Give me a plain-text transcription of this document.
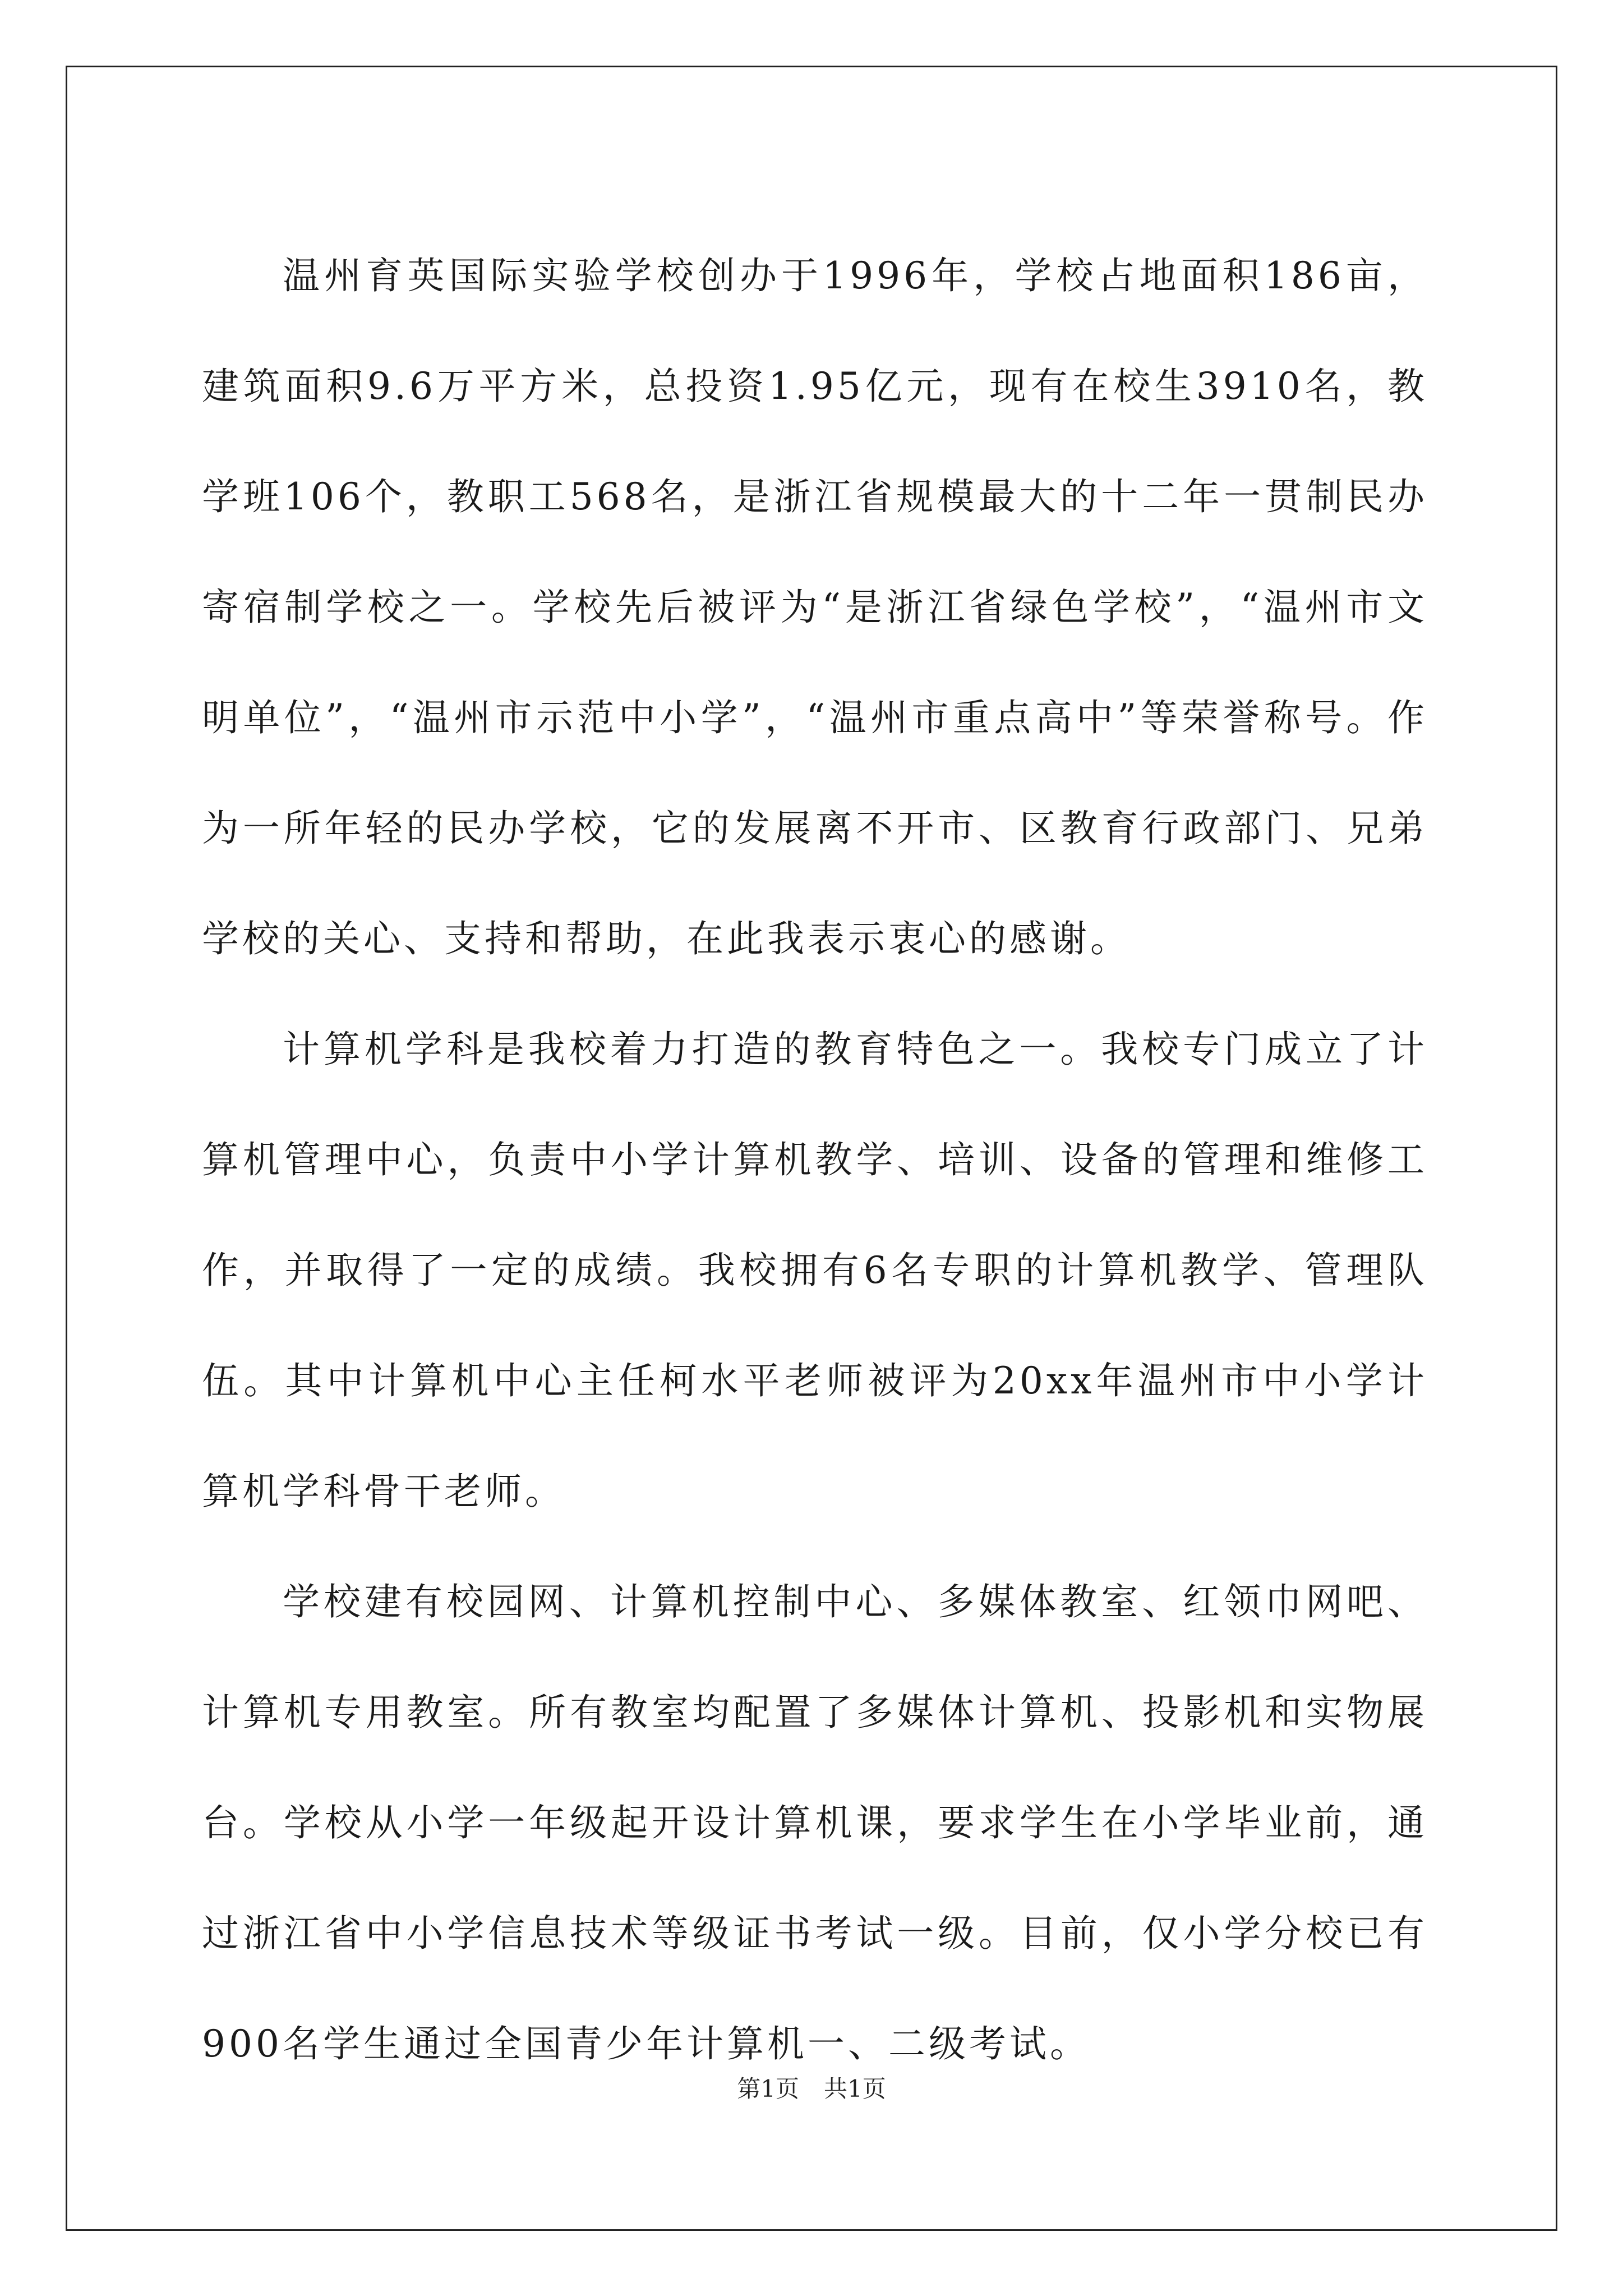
温州育英国际实验学校创办于1996年，学校占地面积186亩，建筑面积9.6万平方米，总投资1.95亿元，现有在校生3910名，教学班106个，教职工568名，是浙江省规模最大的十二年一贯制民办寄宿制学校之一。学校先后被评为“是浙江省绿色学校”，“温州市文明单位”，“温州市示范中小学”，“温州市重点高中”等荣誉称号。作为一所年轻的民办学校，它的发展离不开市、区教育行政部门、兄弟学校的关心、支持和帮助，在此我表示衷心的感谢。

计算机学科是我校着力打造的教育特色之一。我校专门成立了计算机管理中心，负责中小学计算机教学、培训、设备的管理和维修工作，并取得了一定的成绩。我校拥有6名专职的计算机教学、管理队伍。其中计算机中心主任柯水平老师被评为20xx年温州市中小学计算机学科骨干老师。

学校建有校园网、计算机控制中心、多媒体教室、红领巾网吧、计算机专用教室。所有教室均配置了多媒体计算机、投影机和实物展台。学校从小学一年级起开设计算机课，要求学生在小学毕业前，通过浙江省中小学信息技术等级证书考试一级。目前，仅小学分校已有900名学生通过全国青少年计算机一、二级考试。

第1页 共1页
